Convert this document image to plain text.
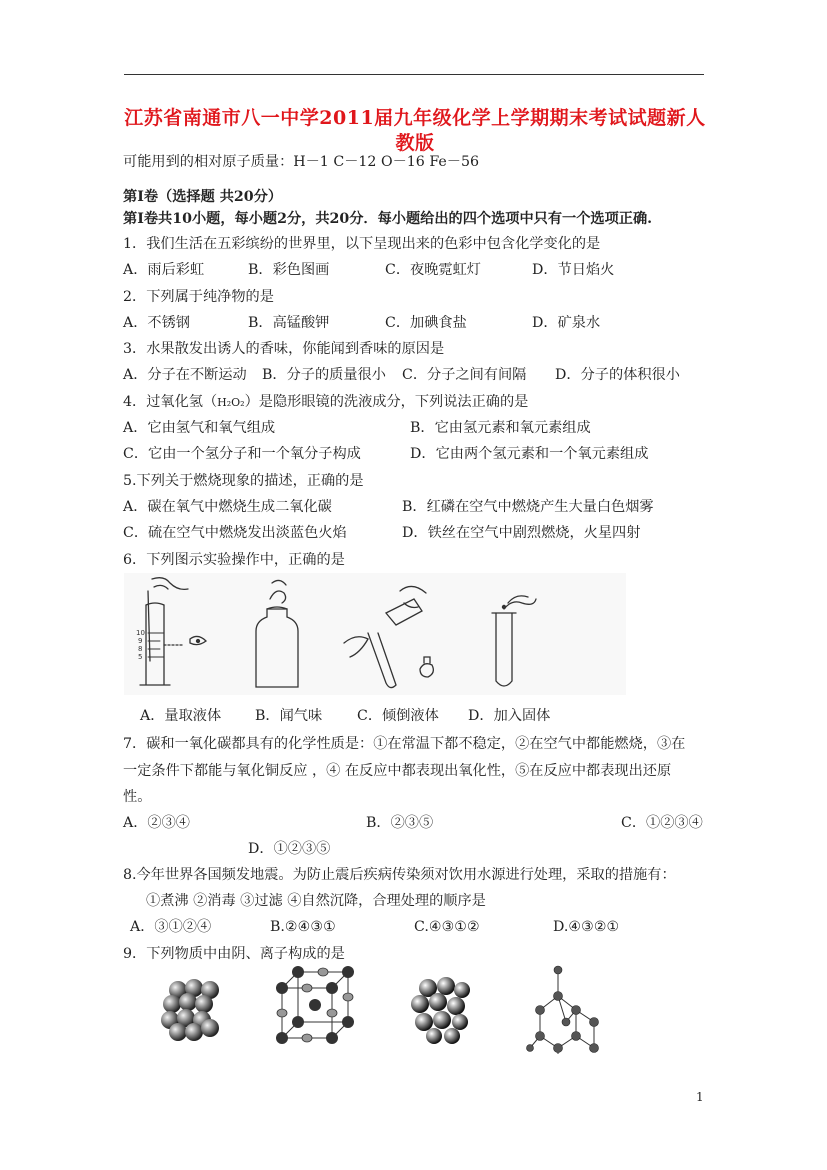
江苏省南通市八一中学2011届九年级化学上学期期末考试试题新人
教版
可能用到的相对原子质量：H－1 C－12 O－16 Fe－56
第Ⅰ卷（选择题 共20分）
第Ⅰ卷共10小题，每小题2分，共20分．每小题给出的四个选项中只有一个选项正确.
1．我们生活在五彩缤纷的世界里，以下呈现出来的色彩中包含化学变化的是
A．雨后彩虹	B．彩色图画	C．夜晚霓虹灯	D．节日焰火
2．下列属于纯净物的是
A．不锈钢	B．高锰酸钾	C．加碘食盐	D．矿泉水
3．水果散发出诱人的香味，你能闻到香味的原因是
A．分子在不断运动 B．分子的质量很小 C．分子之间有间隔 D．分子的体积很小
4．过氧化氢（H₂O₂）是隐形眼镜的洗液成分，下列说法正确的是
A．它由氢气和氧气组成	B．它由氢元素和氧元素组成
C．它由一个氢分子和一个氧分子构成	D．它由两个氢元素和一个氧元素组成
5.下列关于燃烧现象的描述，正确的是
A．碳在氧气中燃烧生成二氧化碳	B．红磷在空气中燃烧产生大量白色烟雾
C．硫在空气中燃烧发出淡蓝色火焰	D．铁丝在空气中剧烈燃烧，火星四射
6．下列图示实验操作中，正确的是
10
9
8
5
A．量取液体 B．闻气味 C．倾倒液体 D．加入固体
7．碳和一氧化碳都具有的化学性质是：①在常温下都不稳定，②在空气中都能燃烧，③在
一定条件下都能与氧化铜反应 ，④ 在反应中都表现出氧化性，⑤在反应中都表现出还原
性。
A．②③④	B．②③⑤	C．①②③④
D．①②③⑤
8.今年世界各国频发地震。为防止震后疾病传染须对饮用水源进行处理，采取的措施有：
①煮沸 ②消毒 ③过滤 ④自然沉降，合理处理的顺序是
A．③①②④	B.②④③①	C.④③①②	D.④③②①
9．下列物质中由阴、离子构成的是
1
